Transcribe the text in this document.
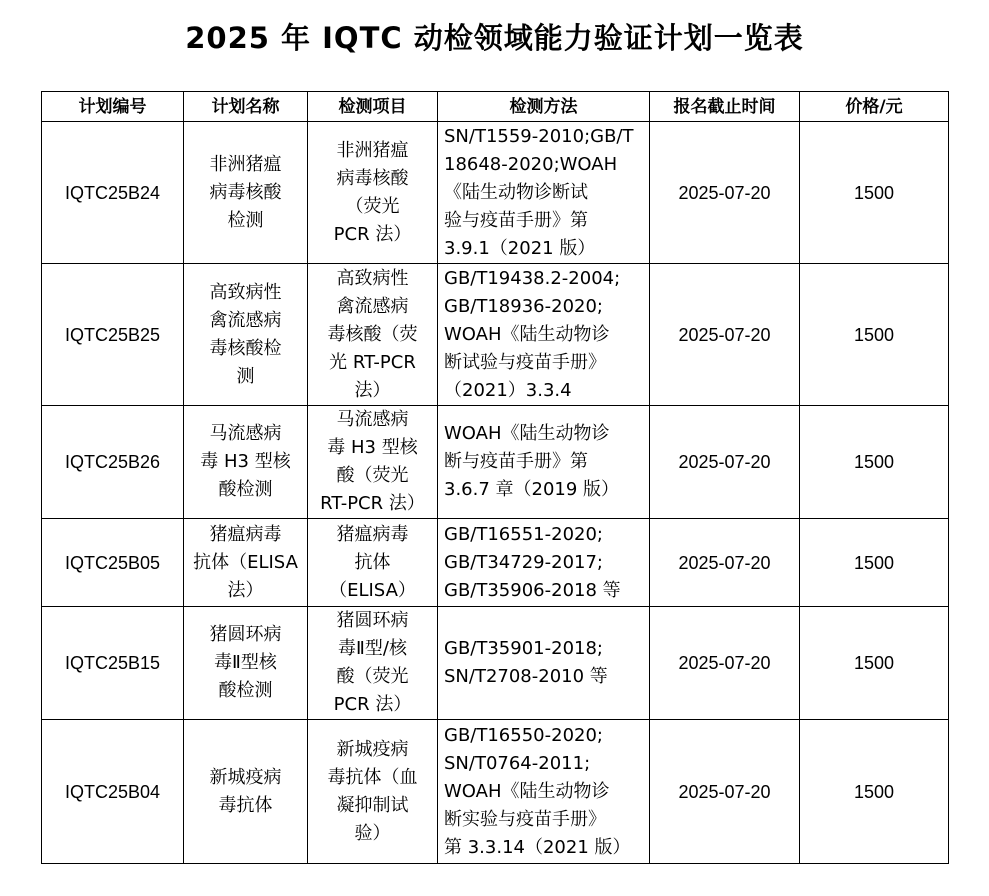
2025 年 IQTC 动检领域能力验证计划一览表
计划编号	计划名称	检测项目	检测方法	报名截止时间	价格/元
IQTC25B24	非洲猪瘟
病毒核酸
检测	非洲猪瘟
病毒核酸
（荧光
PCR 法）	SN/T1559-2010;GB/T
18648-2020;WOAH
《陆生动物诊断试
验与疫苗手册》第
3.9.1（2021 版）	2025-07-20	1500
IQTC25B25	高致病性
禽流感病
毒核酸检
测	高致病性
禽流感病
毒核酸（荧
光 RT-PCR
法）	GB/T19438.2-2004;
GB/T18936-2020;
WOAH《陆生动物诊
断试验与疫苗手册》
（2021）3.3.4	2025-07-20	1500
IQTC25B26	马流感病
毒 H3 型核
酸检测	马流感病
毒 H3 型核
酸（荧光
RT-PCR 法）	WOAH《陆生动物诊
断与疫苗手册》第
3.6.7 章（2019 版）	2025-07-20	1500
IQTC25B05	猪瘟病毒
抗体（ELISA
法）	猪瘟病毒
抗体
（ELISA）	GB/T16551-2020;
GB/T34729-2017;
GB/T35906-2018 等	2025-07-20	1500
IQTC25B15	猪圆环病
毒Ⅱ型核
酸检测	猪圆环病
毒Ⅱ型/核
酸（荧光
PCR 法）	GB/T35901-2018;
SN/T2708-2010 等	2025-07-20	1500
IQTC25B04	新城疫病
毒抗体	新城疫病
毒抗体（血
凝抑制试
验）	GB/T16550-2020;
SN/T0764-2011;
WOAH《陆生动物诊
断实验与疫苗手册》
第 3.3.14（2021 版）	2025-07-20	1500
